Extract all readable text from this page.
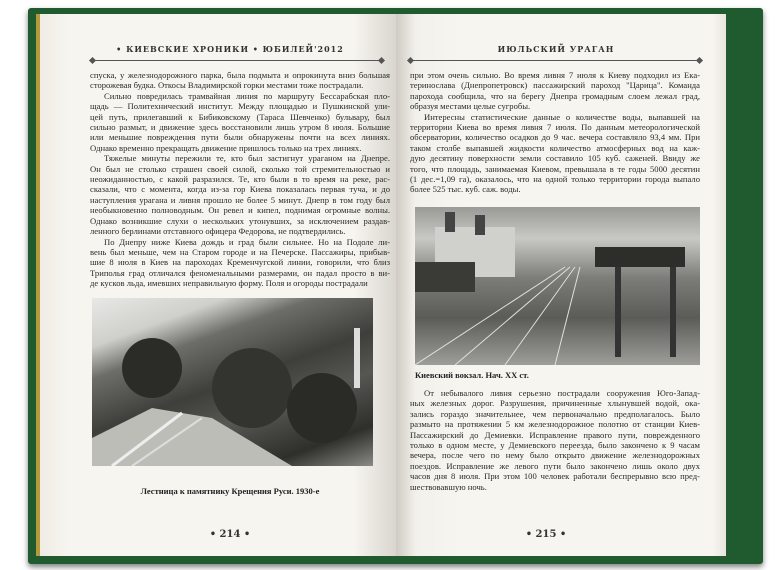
• КИЕВСКИЕ ХРОНИКИ • ЮБИЛЕЙ'2012
спуска, у железнодорожного парка, была подмыта и опрокинута вниз большая
сторожевая будка. Откосы Владимирской горки местами тоже пострадали.
Сильно повредилась трамвайная линия по маршруту Бессарабская пло-
щадь — Политехнический институт. Между площадью и Пушкинской ули-
цей путь, прилегавший к Бибиковскому (Тараса Шевченко) бульвару, был
сильно размыт, и движение здесь восстановили лишь утром 8 июля. Большие
или меньшие повреждения пути были обнаружены почти на всех линиях.
Однако временно прекращать движение пришлось только на трех линиях.
Тяжелые минуты пережили те, кто был застигнут ураганом на Днепре.
Он был не столько страшен своей силой, сколько той стремительностью и
неожиданностью, с какой разразился. Те, кто были в то время на реке, рас-
сказали, что с момента, когда из-за гор Киева показалась первая туча, и до
наступления урагана и ливня прошло не более 5 минут. Днепр в том году был
необыкновенно полноводным. Он ревел и кипел, поднимая огромные волны.
Однако возникшие слухи о нескольких утонувших, за исключением раздав-
ленного берлинами отставного офицера Федорова, не подтвердились.
По Днепру ниже Киева дождь и град были сильнее. Но на Подоле ли-
вень был меньше, чем на Старом городе и на Печерске. Пассажиры, прибыв-
шие 8 июля в Киев на пароходах Кременчугской линии, говорили, что близ
Триполья град отличался феноменальными размерами, он падал просто в ви-
де кусков льда, имевших неправильную форму. Поля и огороды пострадали
Лестница к памятнику Крещения Руси. 1930-е
• 214 •
ИЮЛЬСКИЙ УРАГАН
при этом очень сильно. Во время ливня 7 июля к Киеву подходил из Ека-
теринослава (Днепропетровск) пассажирский пароход "Царица". Команда
парохода сообщила, что на берегу Днепра громадным слоем лежал град,
образуя местами целые сугробы.
Интересны статистические данные о количестве воды, выпавшей на
территории Киева во время ливня 7 июля. По данным метеорологической
обсерватории, количество осадков до 9 час. вечера составляло 93,4 мм. При
таком столбе выпавшей жидкости количество атмосферных вод на каж-
дую десятину поверхности земли составило 105 куб. саженей. Ввиду же
того, что площадь, занимаемая Киевом, превышала в те годы 5000 десятин
(1 дес.=1,09 га), оказалось, что на одной только территории города выпало
более 525 тыс. куб. саж. воды.
Киевский вокзал. Нач. XX ст.
От небывалого ливня серьезно пострадали сооружения Юго-Запад-
ных железных дорог. Разрушения, причиненные хлынувшей водой, ока-
зались гораздо значительнее, чем первоначально предполагалось. Было
размыто на протяжении 5 км железнодорожное полотно от станции Киев-
Пассажирский до Демиевки. Исправление правого пути, поврежденного
только в одном месте, у Демиевского переезда, было закончено к 9 часам
вечера, после чего по нему было открыто движение железнодорожных
поездов. Исправление же левого пути было закончено лишь около двух
часов дня 8 июля. При этом 100 человек работали беспрерывно всю пред-
шествовавшую ночь.
• 215 •
